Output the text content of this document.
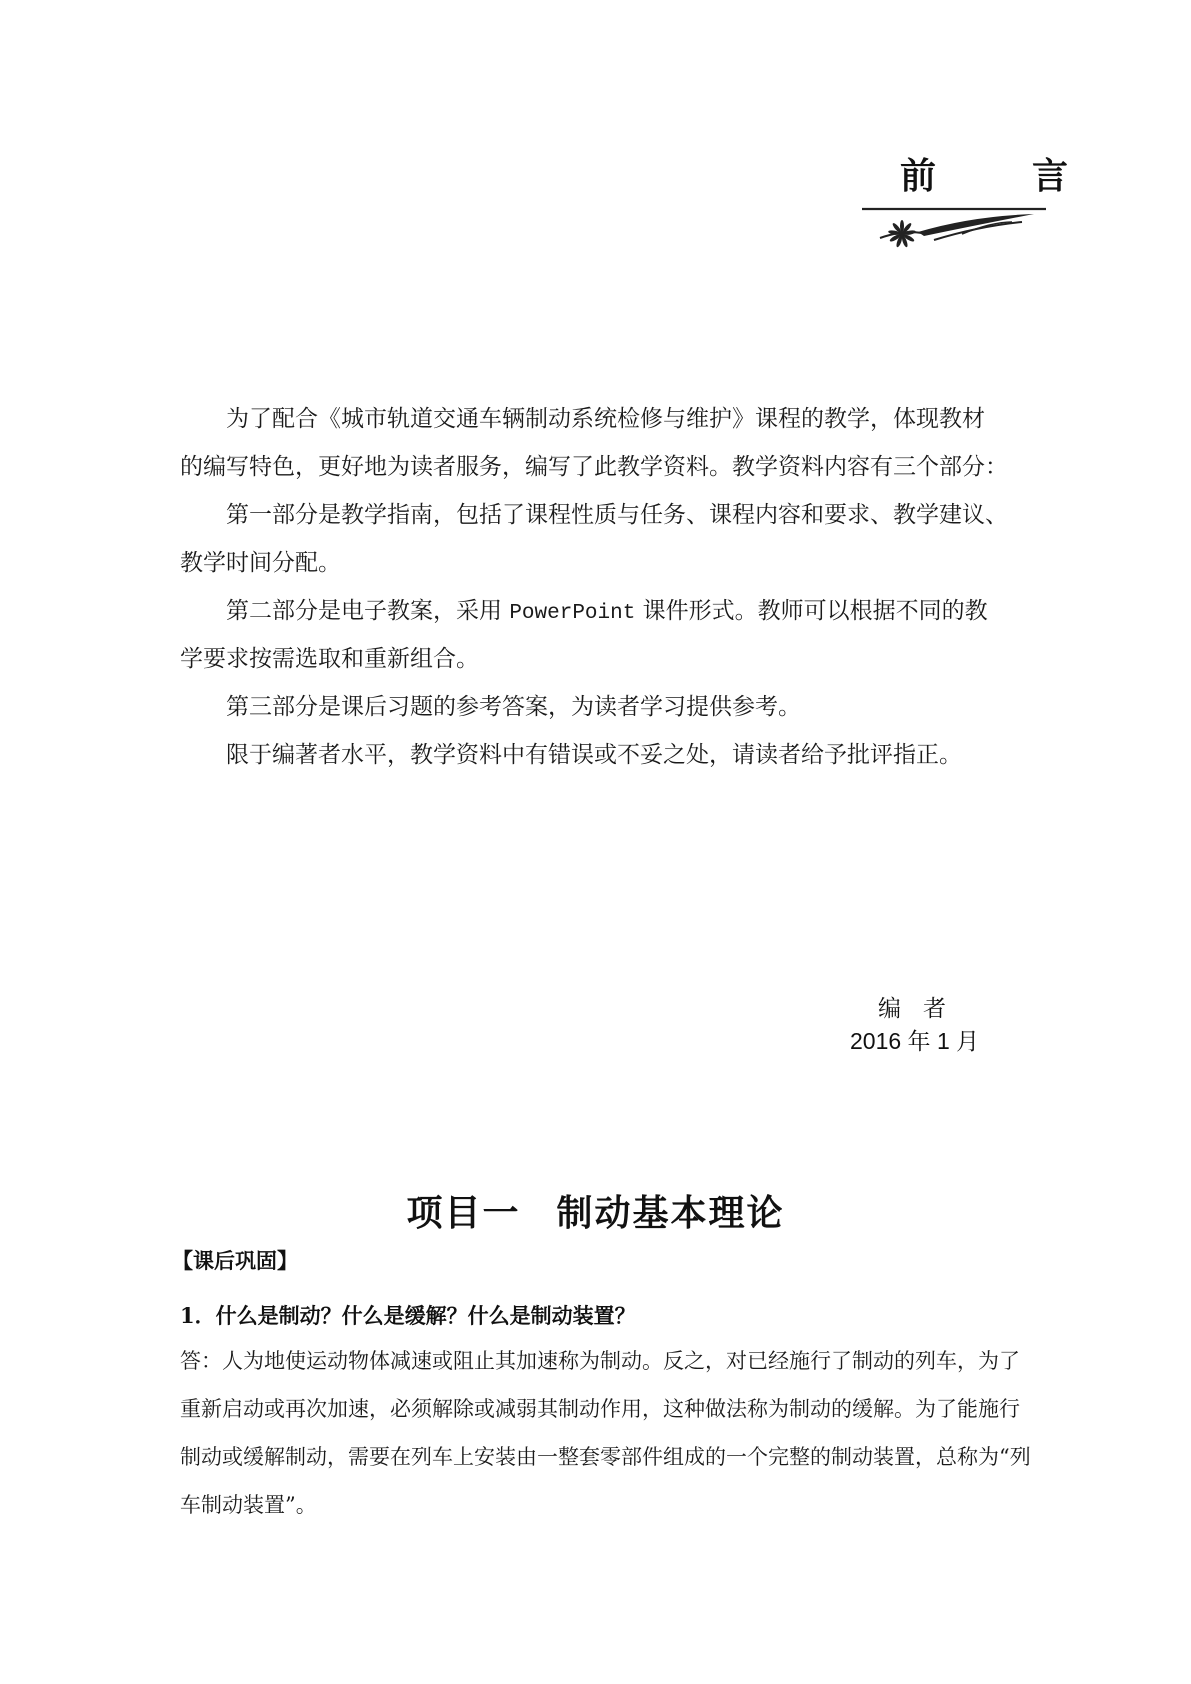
前　言
为了配合《城市轨道交通车辆制动系统检修与维护》课程的教学，体现教材
的编写特色，更好地为读者服务，编写了此教学资料。教学资料内容有三个部分：
第一部分是教学指南，包括了课程性质与任务、课程内容和要求、教学建议、
教学时间分配。
第二部分是电子教案，采用 PowerPoint 课件形式。教师可以根据不同的教
学要求按需选取和重新组合。
第三部分是课后习题的参考答案，为读者学习提供参考。
限于编著者水平，教学资料中有错误或不妥之处，请读者给予批评指正。
编者
2016 年 1 月
项目一 制动基本理论
【课后巩固】
1．什么是制动？什么是缓解？什么是制动装置？
答：人为地使运动物体减速或阻止其加速称为制动。反之，对已经施行了制动的列车，为了
重新启动或再次加速，必须解除或减弱其制动作用，这种做法称为制动的缓解。为了能施行
制动或缓解制动，需要在列车上安装由一整套零部件组成的一个完整的制动装置，总称为“列
车制动装置”。
